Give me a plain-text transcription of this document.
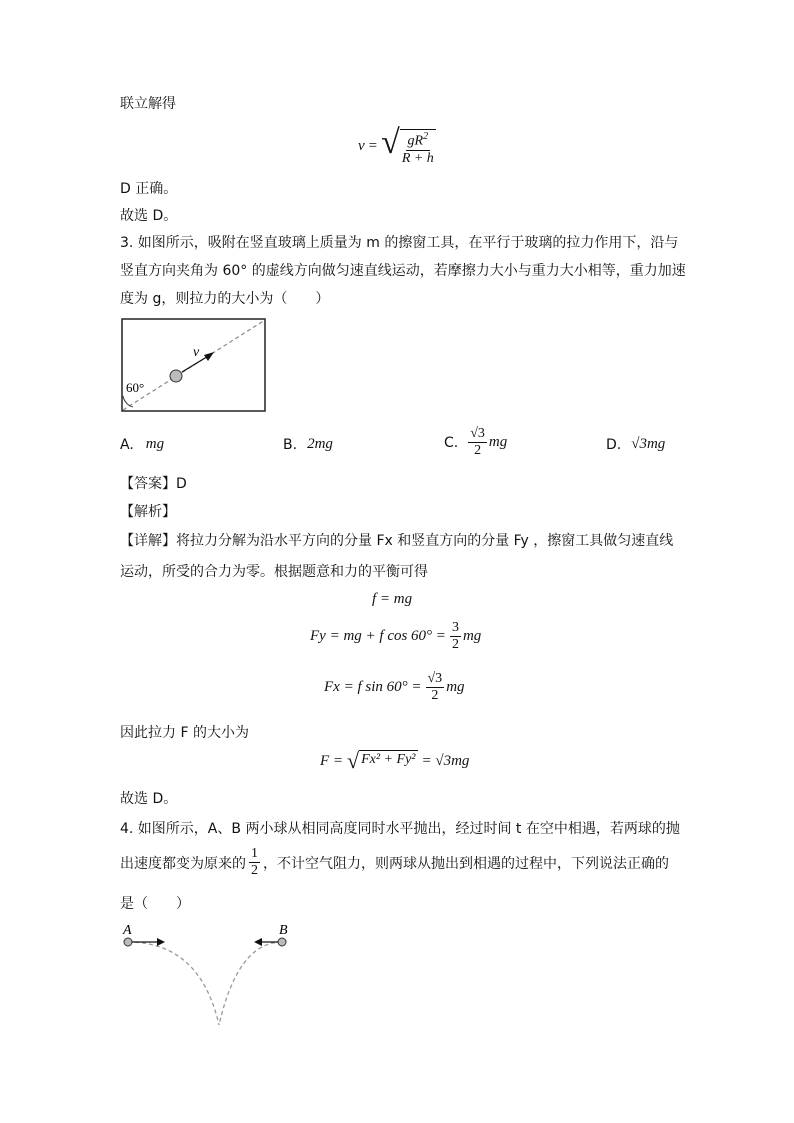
联立解得
v = √ $\frac{gR^2}{R + h}$
D 正确。
故选 D。
3. 如图所示，吸附在竖直玻璃上质量为 m 的擦窗工具，在平行于玻璃的拉力作用下，沿与
竖直方向夹角为 60° 的虚线方向做匀速直线运动，若摩擦力大小与重力大小相等，重力加速
度为 g，则拉力的大小为（　　）
v
60°
A. mg	B. 2mg	C. $\frac{√3}{2}$ mg	D. √3mg
【答案】D
【解析】
【详解】将拉力分解为沿水平方向的分量 Fx 和竖直方向的分量 Fy ，擦窗工具做匀速直线
运动，所受的合力为零。根据题意和力的平衡可得
f = mg
Fy = mg + f $\cos 60^\circ = \frac{3}{2}$ mg
Fx = f $\sin 60^\circ = \frac{√3}{2}$ mg
因此拉力 F 的大小为
F = √ Fx² + Fy² = √3mg
故选 D。
4. 如图所示，A、B 两小球从相同高度同时水平抛出，经过时间 t 在空中相遇，若两球的抛
出速度都变为原来的 $\frac{1}{2}$ ，不计空气阻力，则两球从抛出到相遇的过程中，下列说法正确的
是（　　）
A	B
